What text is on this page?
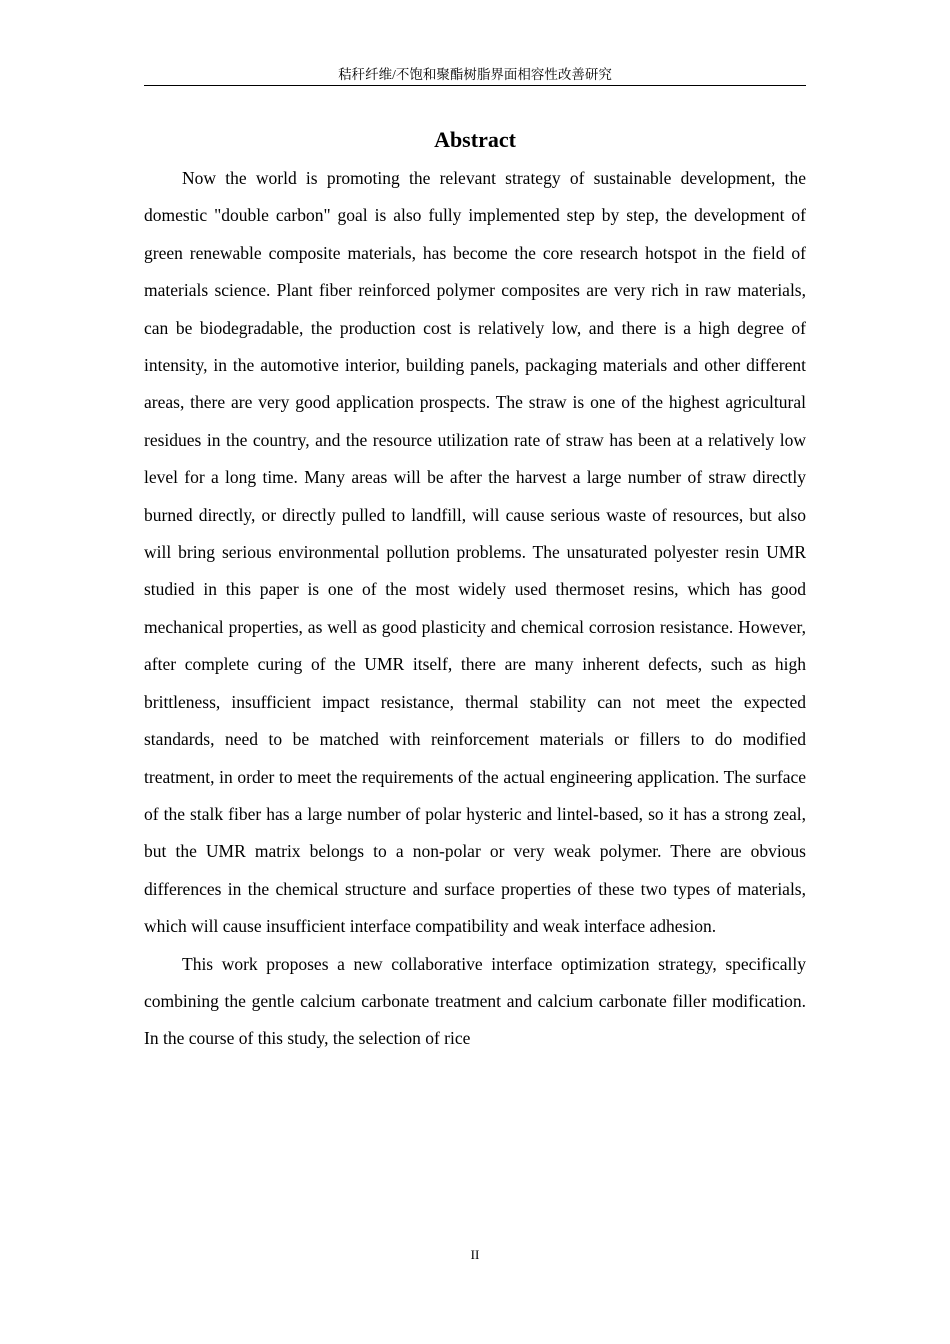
秸秆纤维/不饱和聚酯树脂界面相容性改善研究
Abstract

Now the world is promoting the relevant strategy of sustainable development, the domestic "double carbon" goal is also fully implemented step by step, the development of green renewable composite materials, has become the core research hotspot in the field of materials science. Plant fiber reinforced polymer composites are very rich in raw materials, can be biodegradable, the production cost is relatively low, and there is a high degree of intensity, in the automotive interior, building panels, packaging materials and other different areas, there are very good application prospects. The straw is one of the highest agricultural residues in the country, and the resource utilization rate of straw has been at a relatively low level for a long time. Many areas will be after the harvest a large number of straw directly burned directly, or directly pulled to landfill, will cause serious waste of resources, but also will bring serious environmental pollution problems. The unsaturated polyester resin UMR studied in this paper is one of the most widely used thermoset resins, which has good mechanical properties, as well as good plasticity and chemical corrosion resistance. However, after complete curing of the UMR itself, there are many inherent defects, such as high brittleness, insufficient impact resistance, thermal stability can not meet the expected standards, need to be matched with reinforcement materials or fillers to do modified treatment, in order to meet the requirements of the actual engineering application. The surface of the stalk fiber has a large number of polar hysteric and lintel-based, so it has a strong zeal, but the UMR matrix belongs to a non-polar or very weak polymer. There are obvious differences in the chemical structure and surface properties of these two types of materials, which will cause insufficient interface compatibility and weak interface adhesion.

This work proposes a new collaborative interface optimization strategy, specifically combining the gentle calcium carbonate treatment and calcium carbonate filler modification. In the course of this study, the selection of rice

II
